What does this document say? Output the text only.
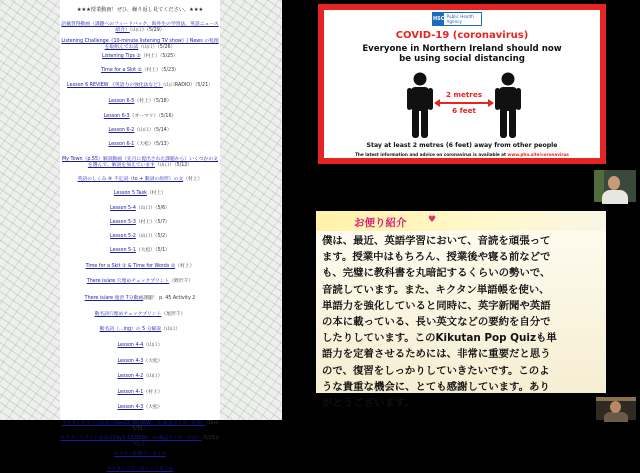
★★★授業動画！ぜひ、繰り返し見てください。★★★
語彙習得動画（課題へのフィードバック、海外生の学習法、英語ニュース紹介）（山口）（5/29）
Listening Challenge《10-minute listening TV show》/ News の処理を取組んでお試（山口）（5/26）
Listening Tips ②（村上）（5/25）
Time for a Skit ②（村上）（5/23）
Lesson 6 REVIEW 《英語力の強化法など》（山口RADIO）（5/21）
Lesson 6-5（村上）（5/18）
Lesson 6-3（オーマリ）（5/16）
Lesson 6-2（山口）（5/14）
Lesson 6-1（大松）（5/13）
My Town（p.55）解説動画（先月に提出された課題から）いくつかの文を選んで、解説を加えています（山口）（5/12）
英語のしくみ ④ 不定詞（to + 動詞の原形）の文（村上）
Lesson 5 Task（村上）
Lesson 5-4（山口）（5/6）
Lesson 5-3（村上）（5/7）
Lesson 5-2（山口）（5/2）
Lesson 5-1（大松）（5/1）
Time for a Skit ① & Time for Words ①（村上）
There is/are 穴埋めチェックプリント（野沢千）
There is/are 復習 7分動画課題！ p. 45 Activity 2
動名詞穴埋めチェックプリント（尾形千）
動名詞（…ing）の 5 分解説（山口）
Lesson 4-4（山口）
Lesson 4-3（大松）
Lesson 4-2（山口）
Lesson 4-1（村上）
Lesson 4-3（大松）
キクタンスライド前前日Day23-36(NEW) （←確認クイズ、必須）（Due 5/31）
キクタンスライド前前日Day1-12(NEW) （←確認クイズ、必須）（5/25までに）
キクタン前期アーカイブ
キクタンパワーポイントまとめ
HSC Public Health Agency
COVID-19 (coronavirus)
Everyone in Northern Ireland should now
be using social distancing
2 metres
6 feet
Stay at least 2 metres (6 feet) away from other people
The latest information and advice on coronavirus is available at www.pha.site/coronavirus
お便り紹介 ♥
僕は、最近、英語学習において、音読を頑張って
ます。授業中はもちろん、授業後や寝る前などで
も、完璧に教科書を丸暗記するくらいの勢いで、
音読しています。また、キクタン単語帳を使い、
単語力を強化していると同時に、英字新聞や英語
の本に載っている、長い英文などの要約を自分で
したりしています。このKikutan Pop Quizも単
語力を定着させるためには、非常に重要だと思う
ので、復習をしっかりしていきたいです。このよ
うな貴重な機会に、とても感謝しています。あり
がとうございます。
